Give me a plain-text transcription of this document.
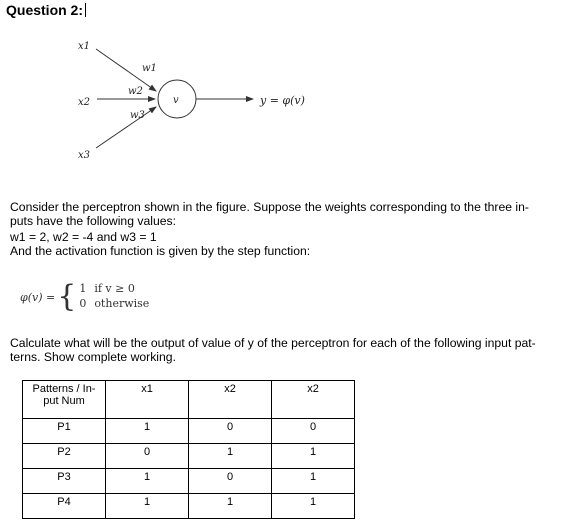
Question 2:
x1
x2
x3
w1
w2
w3
v	y = φ(v)
Consider the perceptron shown in the figure. Suppose the weights corresponding to the three in-
puts have the following values:
w1 = 2, w2 = -4 and w3 = 1
And the activation function is given by the step function:
φ(v) =	{	1	if v ≥ 0
		0	otherwise
Calculate what will be the output of value of y of the perceptron for each of the following input pat-
terns. Show complete working.
Patterns / In-put Num	x1	x2	x2
P1	1	0	0
P2	0	1	1
P3	1	0	1
P4	1	1	1
